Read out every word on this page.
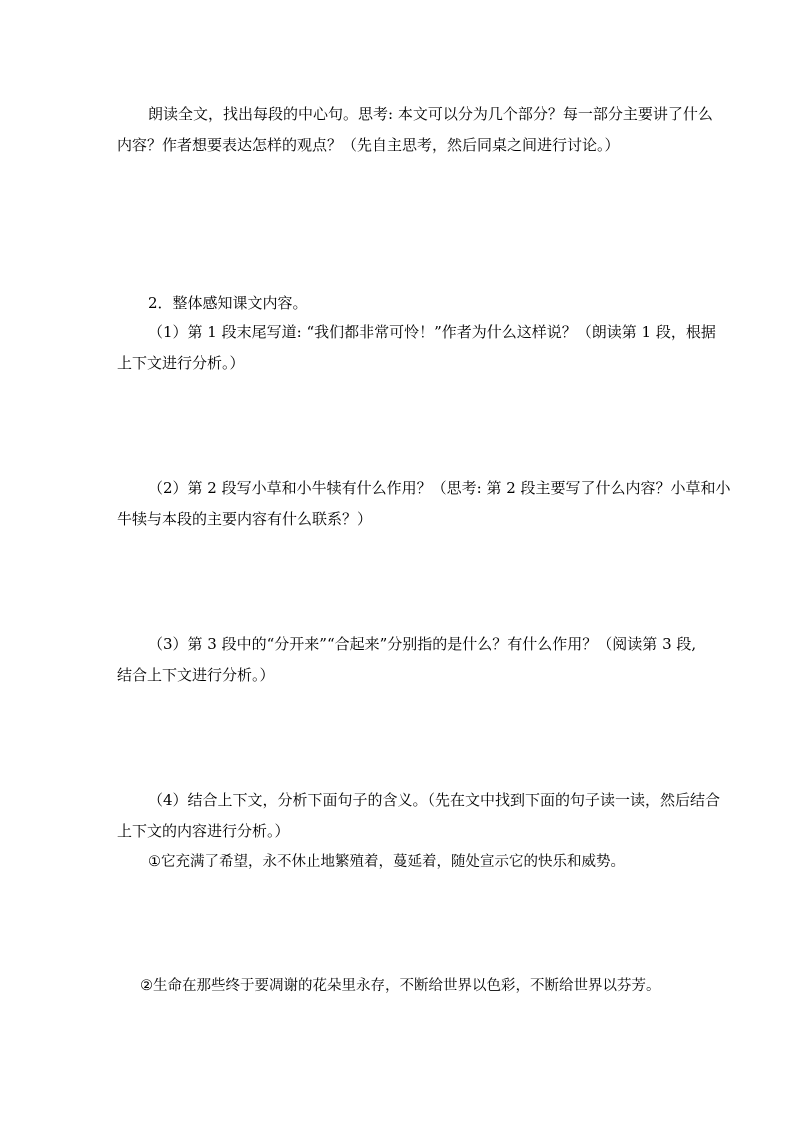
朗读全文，找出每段的中心句。思考: 本文可以分为几个部分？每一部分主要讲了什么
内容？作者想要表达怎样的观点？（先自主思考，然后同桌之间进行讨论。）
2．整体感知课文内容。
（1）第 1 段末尾写道: “我们都非常可怜！”作者为什么这样说？（朗读第 1 段，根据
上下文进行分析。）
（2）第 2 段写小草和小牛犊有什么作用？（思考: 第 2 段主要写了什么内容？小草和小
牛犊与本段的主要内容有什么联系？）
（3）第 3 段中的“分开来”“合起来”分别指的是什么？有什么作用？（阅读第 3 段,
结合上下文进行分析。）
（4）结合上下文，分析下面句子的含义。（先在文中找到下面的句子读一读，然后结合
上下文的内容进行分析。）
①它充满了希望，永不休止地繁殖着，蔓延着，随处宣示它的快乐和威势。
②生命在那些终于要凋谢的花朵里永存，不断给世界以色彩，不断给世界以芬芳。
